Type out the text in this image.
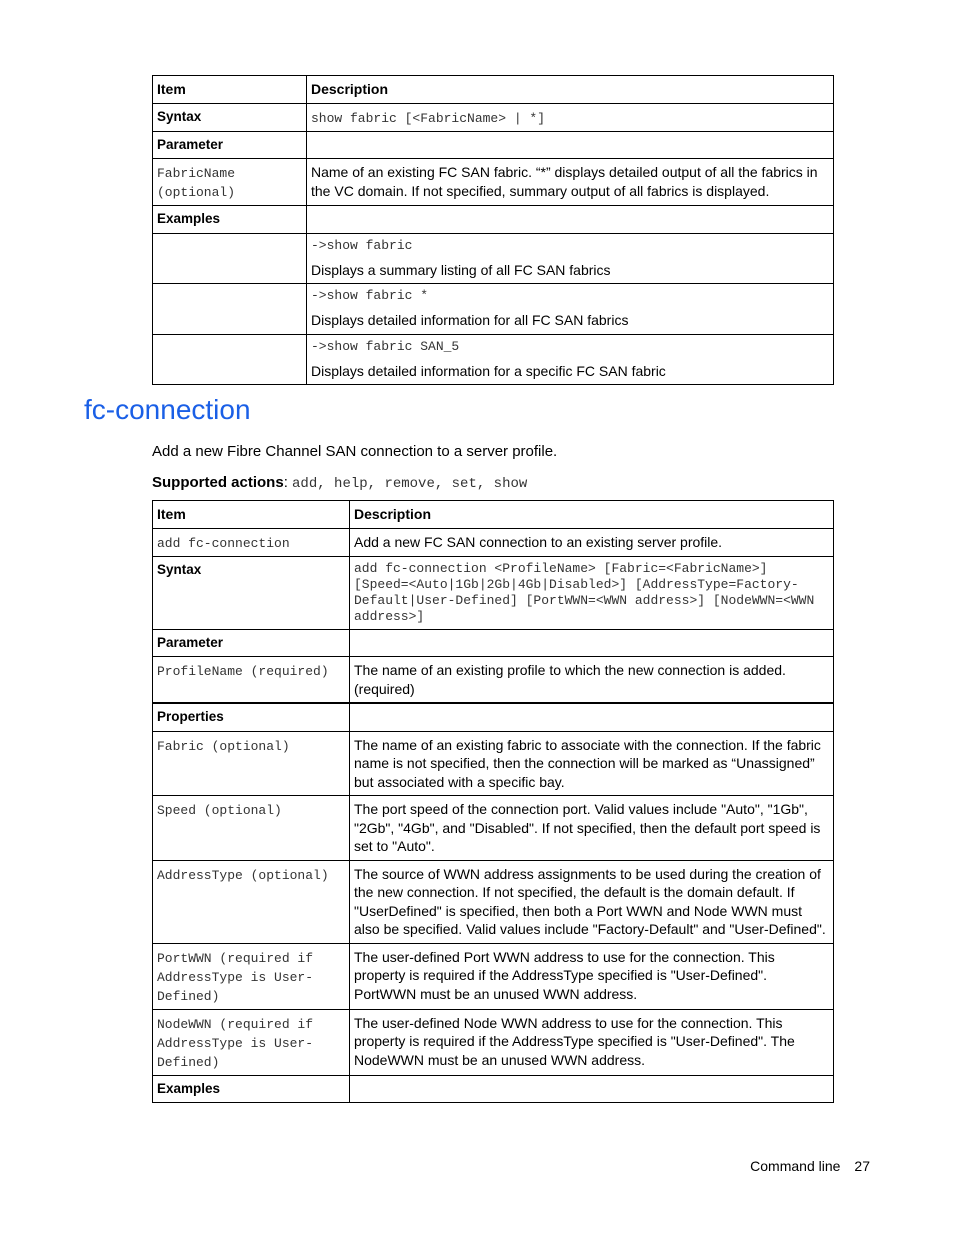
Item	Description
Syntax	show fabric [<FabricName> | *]
Parameter	
FabricName (optional)	Name of an existing FC SAN fabric. “*” displays detailed output of all the fabrics in the VC domain. If not specified, summary output of all fabrics is displayed.
Examples	

	->show fabric
Displays a summary listing of all FC SAN fabrics

	->show fabric *
Displays detailed information for all FC SAN fabrics

	->show fabric SAN_5
Displays detailed information for a specific FC SAN fabric
fc-connection
Add a new Fibre Channel SAN connection to a server profile.
Supported actions: add, help, remove, set, show
Item	Description
add fc-connection	Add a new FC SAN connection to an existing server profile.
Syntax	add fc-connection <ProfileName> [Fabric=<FabricName>] [Speed=<Auto|1Gb|2Gb|4Gb|Disabled>] [AddressType=Factory-Default|User-Defined] [PortWWN=<WWN address>] [NodeWWN=<WWN address>]

Parameter	
ProfileName (required)	The name of an existing profile to which the new connection is added. (required)
Properties	
Fabric (optional)	The name of an existing fabric to associate with the connection. If the fabric name is not specified, then the connection will be marked as “Unassigned” but associated with a specific bay.
Speed (optional)	The port speed of the connection port. Valid values include "Auto", "1Gb", "2Gb", "4Gb", and "Disabled". If not specified, then the default port speed is set to "Auto".
AddressType (optional)	The source of WWN address assignments to be used during the creation of the new connection. If not specified, the default is the domain default. If "UserDefined" is specified, then both a Port WWN and Node WWN must also be specified. Valid values include "Factory-Default" and "User-Defined".
PortWWN (required if AddressType is User-Defined)	The user-defined Port WWN address to use for the connection. This property is required if the AddressType specified is "User-Defined". PortWWN must be an unused WWN address.
NodeWWN (required if AddressType is User-Defined)	The user-defined Node WWN address to use for the connection. This property is required if the AddressType specified is "User-Defined". The NodeWWN must be an unused WWN address.
Examples	
Command line 27
